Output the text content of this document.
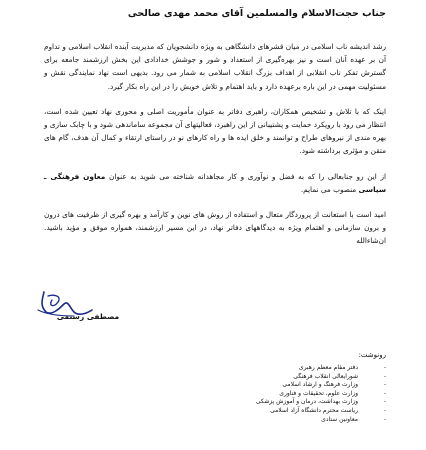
جناب حجت‌الاسلام والمسلمین آقای محمد مهدی صالحی

رشد اندیشه ناب اسلامی در میان قشرهای دانشگاهی به ویژه دانشجویان که مدیریت آینده انقلاب اسلامی و تداوم آن بر عهده آنان است و نیز بهره‌گیری از استعداد و شور و جوشش خدادادی این بخش ارزشمند جامعه برای گسترش تفکر ناب انقلابی از اهداف بزرگ انقلاب اسلامی به شمار می رود. بدیهی است نهاد نمایندگی نقش و مسئولیت مهمی در این باره برعهده دارد و باید اهتمام و تلاش خویش را در این راه بکار گیرد.

اینک که با تلاش و تشخیص همکاران، راهبری دفاتر به عنوان مأموریت اصلی و محوری نهاد تعیین شده است، انتظار می رود با رویکرد حمایت و پشتیبانی از این راهبرد، فعالیتهای آن مجموعه ساماندهی شود و با چابک سازی و بهره مندی از نیروهای طراح و توانمند و خلق ایده ها و راه کارهای نو در راستای ارتقاء و کمال آن هدف، گام های متقن و مؤثری برداشته شود.

از این رو جنابعالی را که به فضل و نوآوری و کار مجاهدانه شناخته می شوید به عنوان معاون فرهنگی ـ سیاسی منصوب می نمایم.

امید است با استعانت از پروردگار متعال و استفاده از روش های نوین و کارآمد و بهره گیری از ظرفیت های درون و برون سازمانی و اهتمام ویژه به دیدگاههای دفاتر نهاد، در این مسیر ارزشمند، همواره موفق و مؤید باشید. ان‌شاءالله

مصطفی رستمی
رونوشت:
- دفتر مقام معظم رهبری
- شورایعالی انقلاب فرهنگی
- وزارت فرهنگ و ارشاد اسلامی
- وزارت علوم، تحقیقات و فناوری
- وزارت بهداشت، درمان و آموزش پزشکی
- ریاست محترم دانشگاه آزاد اسلامی
- معاونین ستادی
